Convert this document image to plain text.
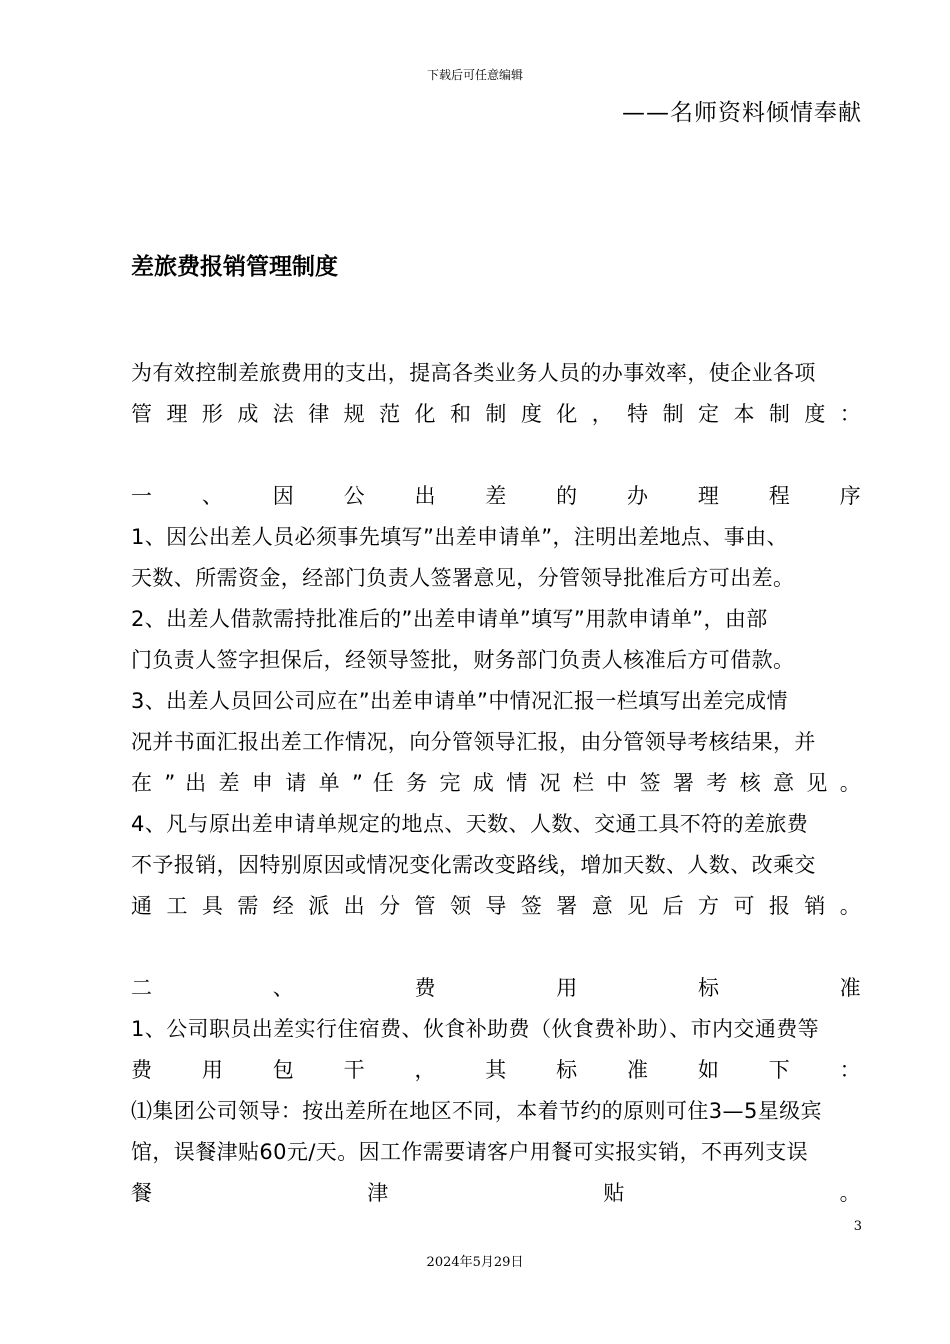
下载后可任意编辑
——名师资料倾情奉献
差旅费报销管理制度
为有效控制差旅费用的支出，提高各类业务人员的办事效率，使企业各项
管 理 形 成 法 律 规 范 化 和 制 度 化 ， 特 制 定 本 制 度 ：
一 、 因 公 出 差 的 办 理 程 序
1、因公出差人员必须事先填写”出差申请单”，注明出差地点、事由、
天数、所需资金，经部门负责人签署意见，分管领导批准后方可出差。
2、出差人借款需持批准后的”出差申请单”填写”用款申请单”，由部
门负责人签字担保后，经领导签批，财务部门负责人核准后方可借款。
3、出差人员回公司应在”出差申请单”中情况汇报一栏填写出差完成情
况并书面汇报出差工作情况，向分管领导汇报，由分管领导考核结果，并
在 ” 出 差 申 请 单 ” 任 务 完 成 情 况 栏 中 签 署 考 核 意 见 。
4、凡与原出差申请单规定的地点、天数、人数、交通工具不符的差旅费
不予报销，因特别原因或情况变化需改变路线，增加天数、人数、改乘交
通 工 具 需 经 派 出 分 管 领 导 签 署 意 见 后 方 可 报 销 。
二	、	费	用	标	准
1、公司职员出差实行住宿费、伙食补助费（伙食费补助）、市内交通费等
费 用 包 干 ， 其 标 准 如 下 ：
⑴集团公司领导：按出差所在地区不同，本着节约的原则可住3—5星级宾
馆，误餐津贴60元/天。因工作需要请客户用餐可实报实销，不再列支误
餐	津	贴	。
3
2024年5月29日
